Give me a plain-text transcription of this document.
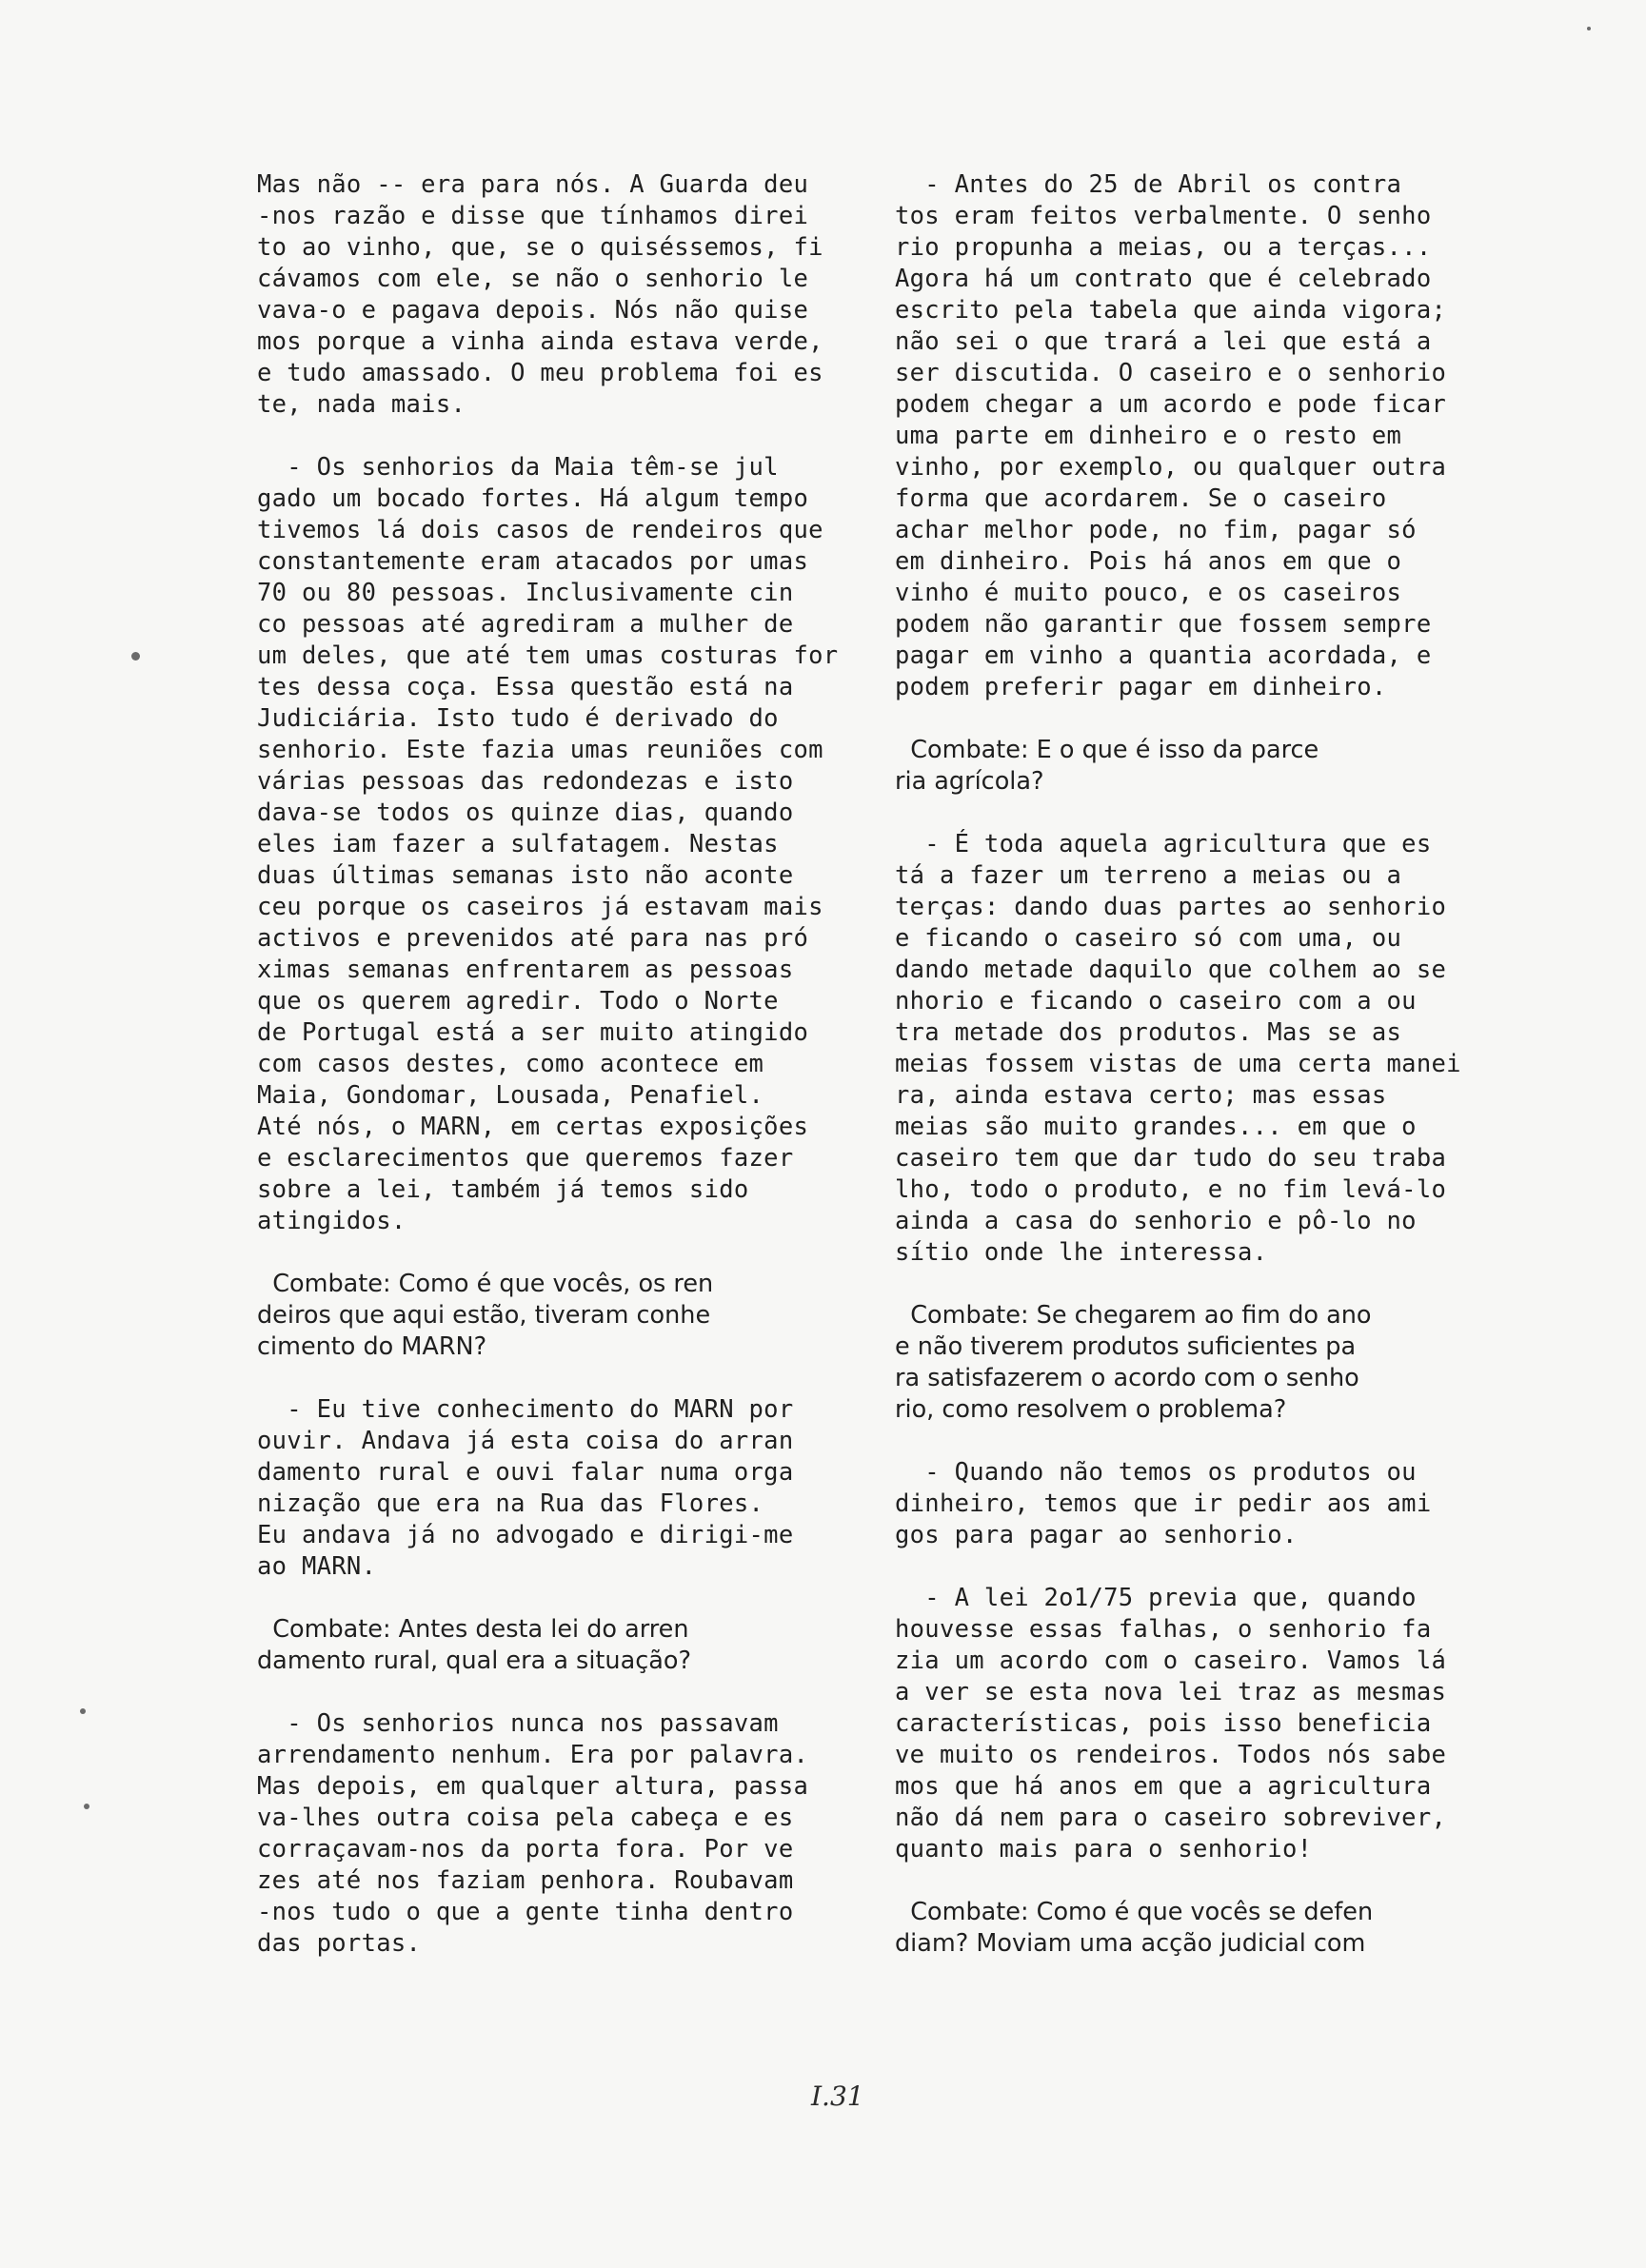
Mas não -- era para nós. A Guarda deu
-nos razão e disse que tínhamos direi
to ao vinho, que, se o quiséssemos, fi
cávamos com ele, se não o senhorio le
vava-o e pagava depois. Nós não quise
mos porque a vinha ainda estava verde,
e tudo amassado. O meu problema foi es
te, nada mais.
- Os senhorios da Maia têm-se jul
gado um bocado fortes. Há algum tempo
tivemos lá dois casos de rendeiros que
constantemente eram atacados por umas
70 ou 80 pessoas. Inclusivamente cin
co pessoas até agrediram a mulher de
um deles, que até tem umas costuras for
tes dessa coça. Essa questão está na
Judiciária. Isto tudo é derivado do
senhorio. Este fazia umas reuniões com
várias pessoas das redondezas e isto
dava-se todos os quinze dias, quando
eles iam fazer a sulfatagem. Nestas
duas últimas semanas isto não aconte
ceu porque os caseiros já estavam mais
activos e prevenidos até para nas pró
ximas semanas enfrentarem as pessoas
que os querem agredir. Todo o Norte
de Portugal está a ser muito atingido
com casos destes, como acontece em
Maia, Gondomar, Lousada, Penafiel.
Até nós, o MARN, em certas exposições
e esclarecimentos que queremos fazer
sobre a lei, também já temos sido
atingidos.
Combate: Como é que vocês, os ren
deiros que aqui estão, tiveram conhe
cimento do MARN?
- Eu tive conhecimento do MARN por
ouvir. Andava já esta coisa do arran
damento rural e ouvi falar numa orga
nização que era na Rua das Flores.
Eu andava já no advogado e dirigi-me
ao MARN.
Combate: Antes desta lei do arren
damento rural, qual era a situação?
- Os senhorios nunca nos passavam
arrendamento nenhum. Era por palavra.
Mas depois, em qualquer altura, passa
va-lhes outra coisa pela cabeça e es
corraçavam-nos da porta fora. Por ve
zes até nos faziam penhora. Roubavam
-nos tudo o que a gente tinha dentro
das portas.
- Antes do 25 de Abril os contra
tos eram feitos verbalmente. O senho
rio propunha a meias, ou a terças...
Agora há um contrato que é celebrado
escrito pela tabela que ainda vigora;
não sei o que trará a lei que está a
ser discutida. O caseiro e o senhorio
podem chegar a um acordo e pode ficar
uma parte em dinheiro e o resto em
vinho, por exemplo, ou qualquer outra
forma que acordarem. Se o caseiro
achar melhor pode, no fim, pagar só
em dinheiro. Pois há anos em que o
vinho é muito pouco, e os caseiros
podem não garantir que fossem sempre
pagar em vinho a quantia acordada, e
podem preferir pagar em dinheiro.
Combate: E o que é isso da parce
ria agrícola?
- É toda aquela agricultura que es
tá a fazer um terreno a meias ou a
terças: dando duas partes ao senhorio
e ficando o caseiro só com uma, ou
dando metade daquilo que colhem ao se
nhorio e ficando o caseiro com a ou
tra metade dos produtos. Mas se as
meias fossem vistas de uma certa manei
ra, ainda estava certo; mas essas
meias são muito grandes... em que o
caseiro tem que dar tudo do seu traba
lho, todo o produto, e no fim levá-lo
ainda a casa do senhorio e pô-lo no
sítio onde lhe interessa.
Combate: Se chegarem ao fim do ano
e não tiverem produtos suficientes pa
ra satisfazerem o acordo com o senho
rio, como resolvem o problema?
- Quando não temos os produtos ou
dinheiro, temos que ir pedir aos ami
gos para pagar ao senhorio.
- A lei 2o1/75 previa que, quando
houvesse essas falhas, o senhorio fa
zia um acordo com o caseiro. Vamos lá
a ver se esta nova lei traz as mesmas
características, pois isso beneficia
ve muito os rendeiros. Todos nós sabe
mos que há anos em que a agricultura
não dá nem para o caseiro sobreviver,
quanto mais para o senhorio!
Combate: Como é que vocês se defen
diam? Moviam uma acção judicial com
I.31
